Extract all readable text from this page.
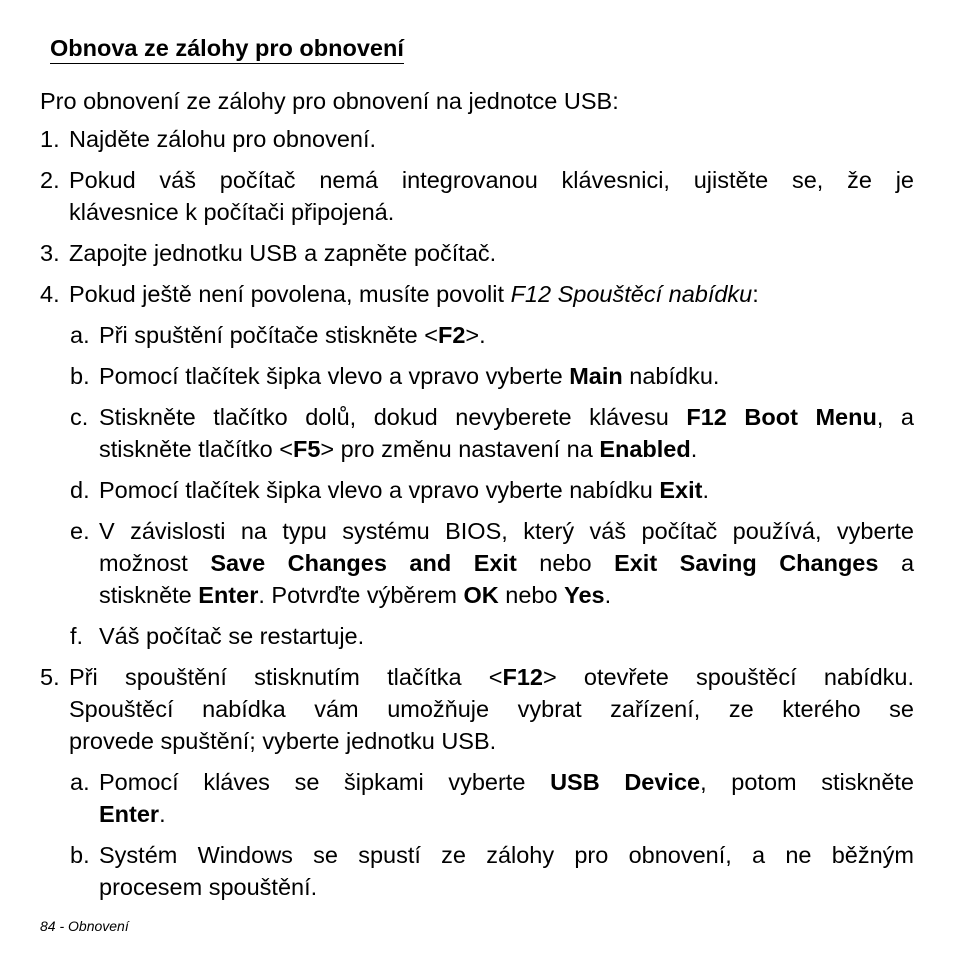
Obnova ze zálohy pro obnovení
Pro obnovení ze zálohy pro obnovení na jednotce USB:
1. Najděte zálohu pro obnovení.
2. Pokud váš počítač nemá integrovanou klávesnici, ujistěte se, že je
klávesnice k počítači připojená.
3. Zapojte jednotku USB a zapněte počítač.
4. Pokud ještě není povolena, musíte povolit F12 Spouštěcí nabídku:
a. Při spuštění počítače stiskněte <F2>.
b. Pomocí tlačítek šipka vlevo a vpravo vyberte Main nabídku.
c. Stiskněte tlačítko dolů, dokud nevyberete klávesu F12 Boot Menu, a
stiskněte tlačítko <F5> pro změnu nastavení na Enabled.
d. Pomocí tlačítek šipka vlevo a vpravo vyberte nabídku Exit.
e. V závislosti na typu systému BIOS, který váš počítač používá, vyberte
možnost Save Changes and Exit nebo Exit Saving Changes a
stiskněte Enter. Potvrďte výběrem OK nebo Yes.
f. Váš počítač se restartuje.
5. Při spouštění stisknutím tlačítka <F12> otevřete spouštěcí nabídku.
Spouštěcí nabídka vám umožňuje vybrat zařízení, ze kterého se
provede spuštění; vyberte jednotku USB.
a. Pomocí kláves se šipkami vyberte USB Device, potom stiskněte
Enter.
b. Systém Windows se spustí ze zálohy pro obnovení, a ne běžným
procesem spouštění.
84 - Obnovení
